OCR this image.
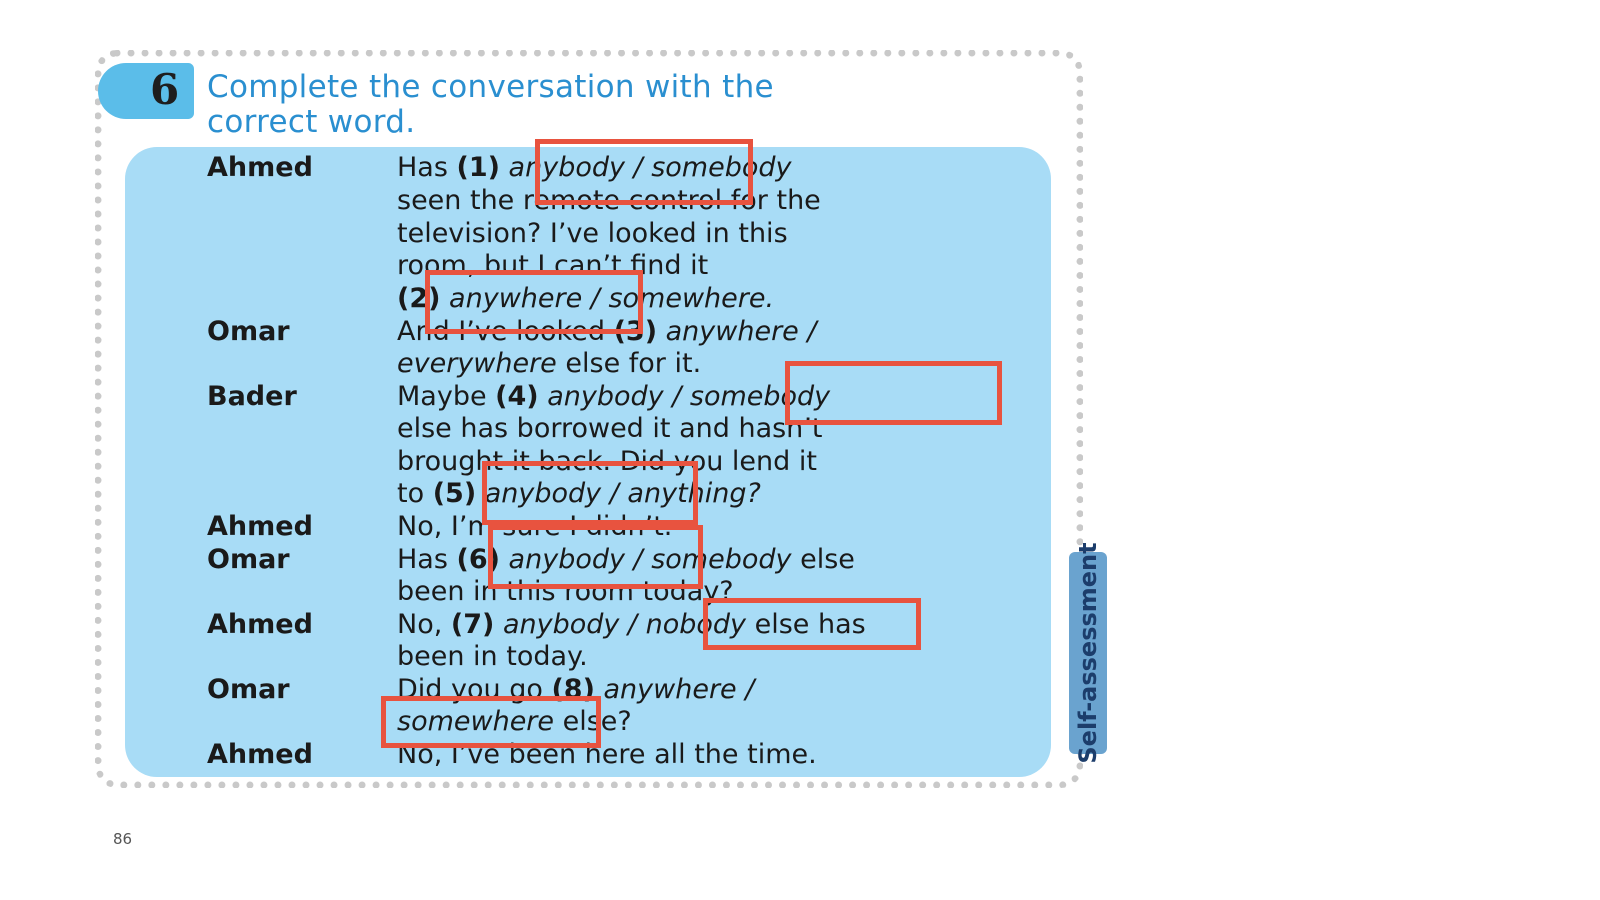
6 Complete the conversation with the
correct word.
Ahmed
Omar
Bader
Ahmed
Omar
Ahmed
Omar
Ahmed
Has (1) anybody / somebody
seen the remote control for the
television? I’ve looked in this
room, but I can’t find it
(2) anywhere / somewhere.
And I’ve looked (3) anywhere /
everywhere else for it.
Maybe (4) anybody / somebody
else has borrowed it and hasn’t
brought it back. Did you lend it
to (5) anybody / anything?
No, I’m sure I didn’t.
Has (6) anybody / somebody else
been in this room today?
No, (7) anybody / nobody else has
been in today.
Did you go (8) anywhere /
somewhere else?
No, I’ve been here all the time.	Self-assessment
86
